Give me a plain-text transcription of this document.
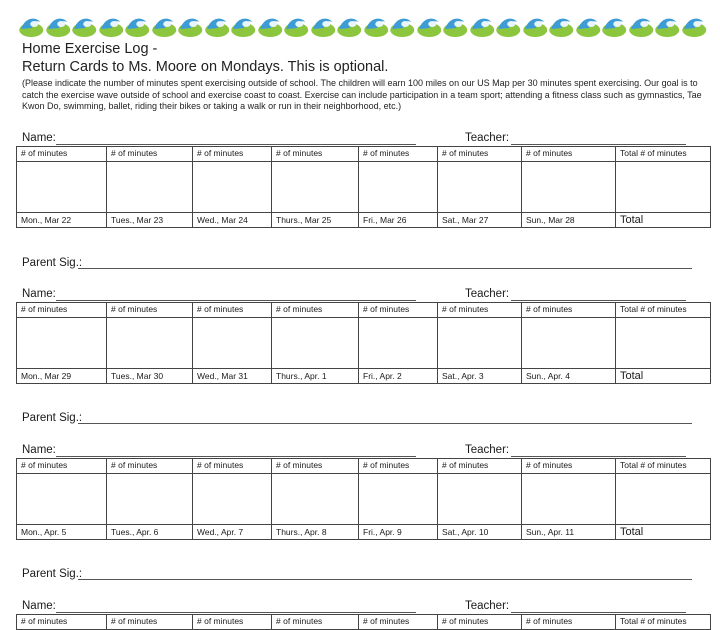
Home Exercise Log -
Return Cards to Ms. Moore on Mondays. This is optional.
(Please indicate the number of minutes spent exercising outside of school. The children will earn 100 miles on our US Map per 30 minutes spent exercising. Our goal is to catch the exercise wave outside of school and exercise coast to coast. Exercise can include participation in a team sport; attending a fitness class such as gymnastics, Tae Kwon Do, swimming, ballet, riding their bikes or taking a walk or run in their neighborhood, etc.)
Name:	Teacher:
# of minutes	# of minutes	# of minutes	# of minutes	# of minutes	# of minutes	# of minutes	Total # of minutes

Mon., Mar 22	Tues., Mar 23	Wed., Mar 24	Thurs., Mar 25	Fri., Mar 26	Sat., Mar 27	Sun., Mar 28	Total
Parent Sig.:
Name:	Teacher:
# of minutes	# of minutes	# of minutes	# of minutes	# of minutes	# of minutes	# of minutes	Total # of minutes

Mon., Mar 29	Tues., Mar 30	Wed., Mar 31	Thurs., Apr. 1	Fri., Apr. 2	Sat., Apr. 3	Sun., Apr. 4	Total
Parent Sig.:
Name:	Teacher:
# of minutes	# of minutes	# of minutes	# of minutes	# of minutes	# of minutes	# of minutes	Total # of minutes

Mon., Apr. 5	Tues., Apr. 6	Wed., Apr. 7	Thurs., Apr. 8	Fri., Apr. 9	Sat., Apr. 10	Sun., Apr. 11	Total
Parent Sig.:
Name:	Teacher:
# of minutes	# of minutes	# of minutes	# of minutes	# of minutes	# of minutes	# of minutes	Total # of minutes
